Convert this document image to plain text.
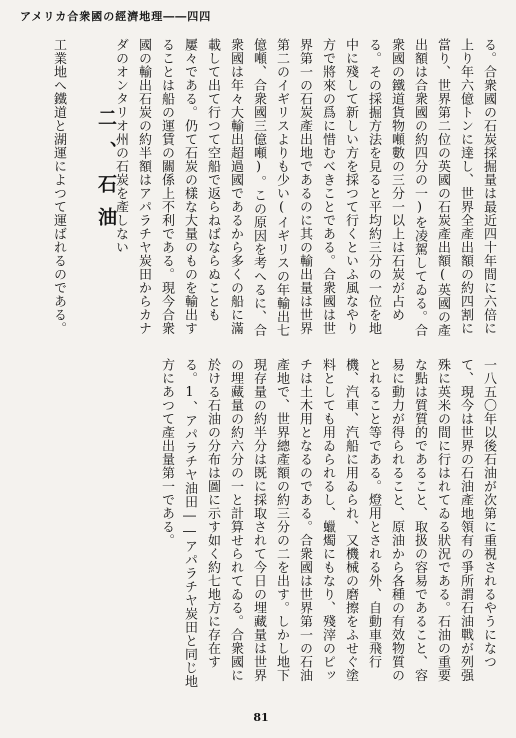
アメリカ合衆國の經濟地理――四四
る。合衆國の石炭採掘量は最近四十年間に六倍に上り年六億トンに達し、世界全產出額の約四割に當り、世界第二位の英國の石炭產出額(英國の產出額は合衆國の約四分の一)を凌駕してゐる。合衆國の鐵道貨物噸數の三分一以上は石炭が占める。その採掘方法を見ると平均約三分の一位を地中に殘して新しい方を採つて行くといふ風なやり方で將來の爲に惜むべきことである。合衆國は世界第一の石炭產出地であるのに其の輸出量は世界第二のイギリスよりも少い(イギリスの年輸出七億噸、合衆國三億噸)。この原因を考へるに、合衆國は年々大輸出超過國であるから多くの船に滿載して出て行つて空船で返らねばならぬことも屢々である。仍て石炭の樣な大量のものを輸出することは船の運賃の關係上不利である。現今合衆國の輸出石炭の約半額はアパラチヤ炭田からカナダのオンタリオ州の石炭を產しない
工業地へ鐵道と湖運によつて運ばれるのである。	二、石油
一八五〇年以後石油が次第に重視されるやうになつて、現今は世界の石油產地領有の爭所謂石油戰が列强殊に英米の間に行はれてゐる狀況である。石油の重要な點は質質的であること、取扱の容易であること、容易に動力が得られること、原油から各種の有效物質のとれること等である。燈用とされる外、自動車飛行機、汽車、汽船に用ゐられ、又機械の磨擦をふせぐ塗料としても用ゐられるし、蠟燭にもなり、殘滓のピッチは土木用となるのである。合衆國は世界第一の石油產地で、世界總產額の約三分の二を出す。しかし地下現存量の約半分は既に採取されて今日の埋藏量は世界の埋藏量の約六分の一と計算せられてゐる。合衆國に於ける石油の分布は圖に示す如く約七地方に存在する。1、アパラチヤ油田――アパラチヤ炭田と同じ地方にあつて產出量第一である。
81
